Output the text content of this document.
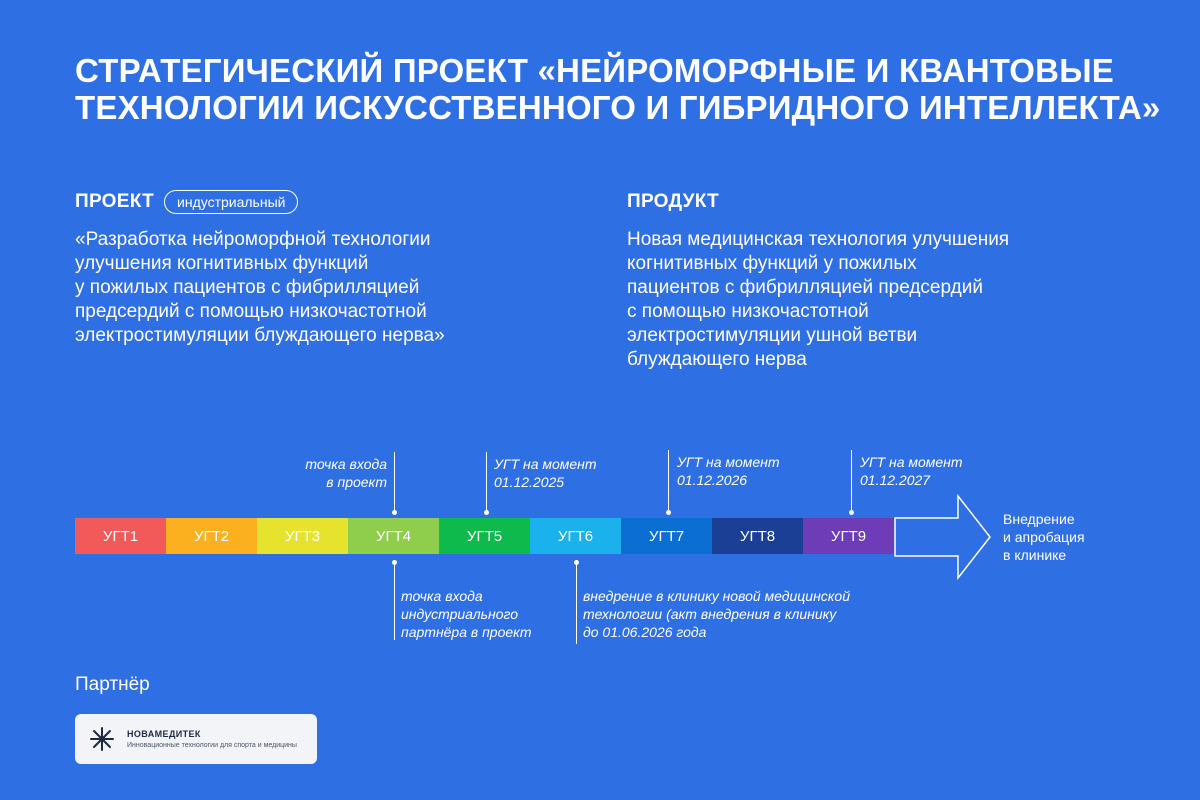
СТРАТЕГИЧЕСКИЙ ПРОЕКТ «НЕЙРОМОРФНЫЕ И КВАНТОВЫЕ
ТЕХНОЛОГИИ ИСКУССТВЕННОГО И ГИБРИДНОГО ИНТЕЛЛЕКТА»
ПРОЕКТ	индустриальный
«Разработка нейроморфной технологии
улучшения когнитивных функций
у пожилых пациентов с фибрилляцией
предсердий с помощью низкочастотной
электростимуляции блуждающего нерва»
ПРОДУКТ
Новая медицинская технология улучшения
когнитивных функций у пожилых
пациентов с фибрилляцией предсердий
с помощью низкочастотной
электростимуляции ушной ветви
блуждающего нерва
точка входа
в проект
УГТ на момент
01.12.2025
УГТ на момент
01.12.2026
УГТ на момент
01.12.2027
УГТ1	УГТ2	УГТ3	УГТ4	УГТ5	УГТ6	УГТ7	УГТ8	УГТ9
Внедрение
и апробация
в клинике
точка входа
индустриального
партнёра в проект
внедрение в клинику новой медицинской
технологии (акт внедрения в клинику
до 01.06.2026 года
Партнёр
НОВАМЕДИТЕК
Инновационные технологии для спорта и медицины
